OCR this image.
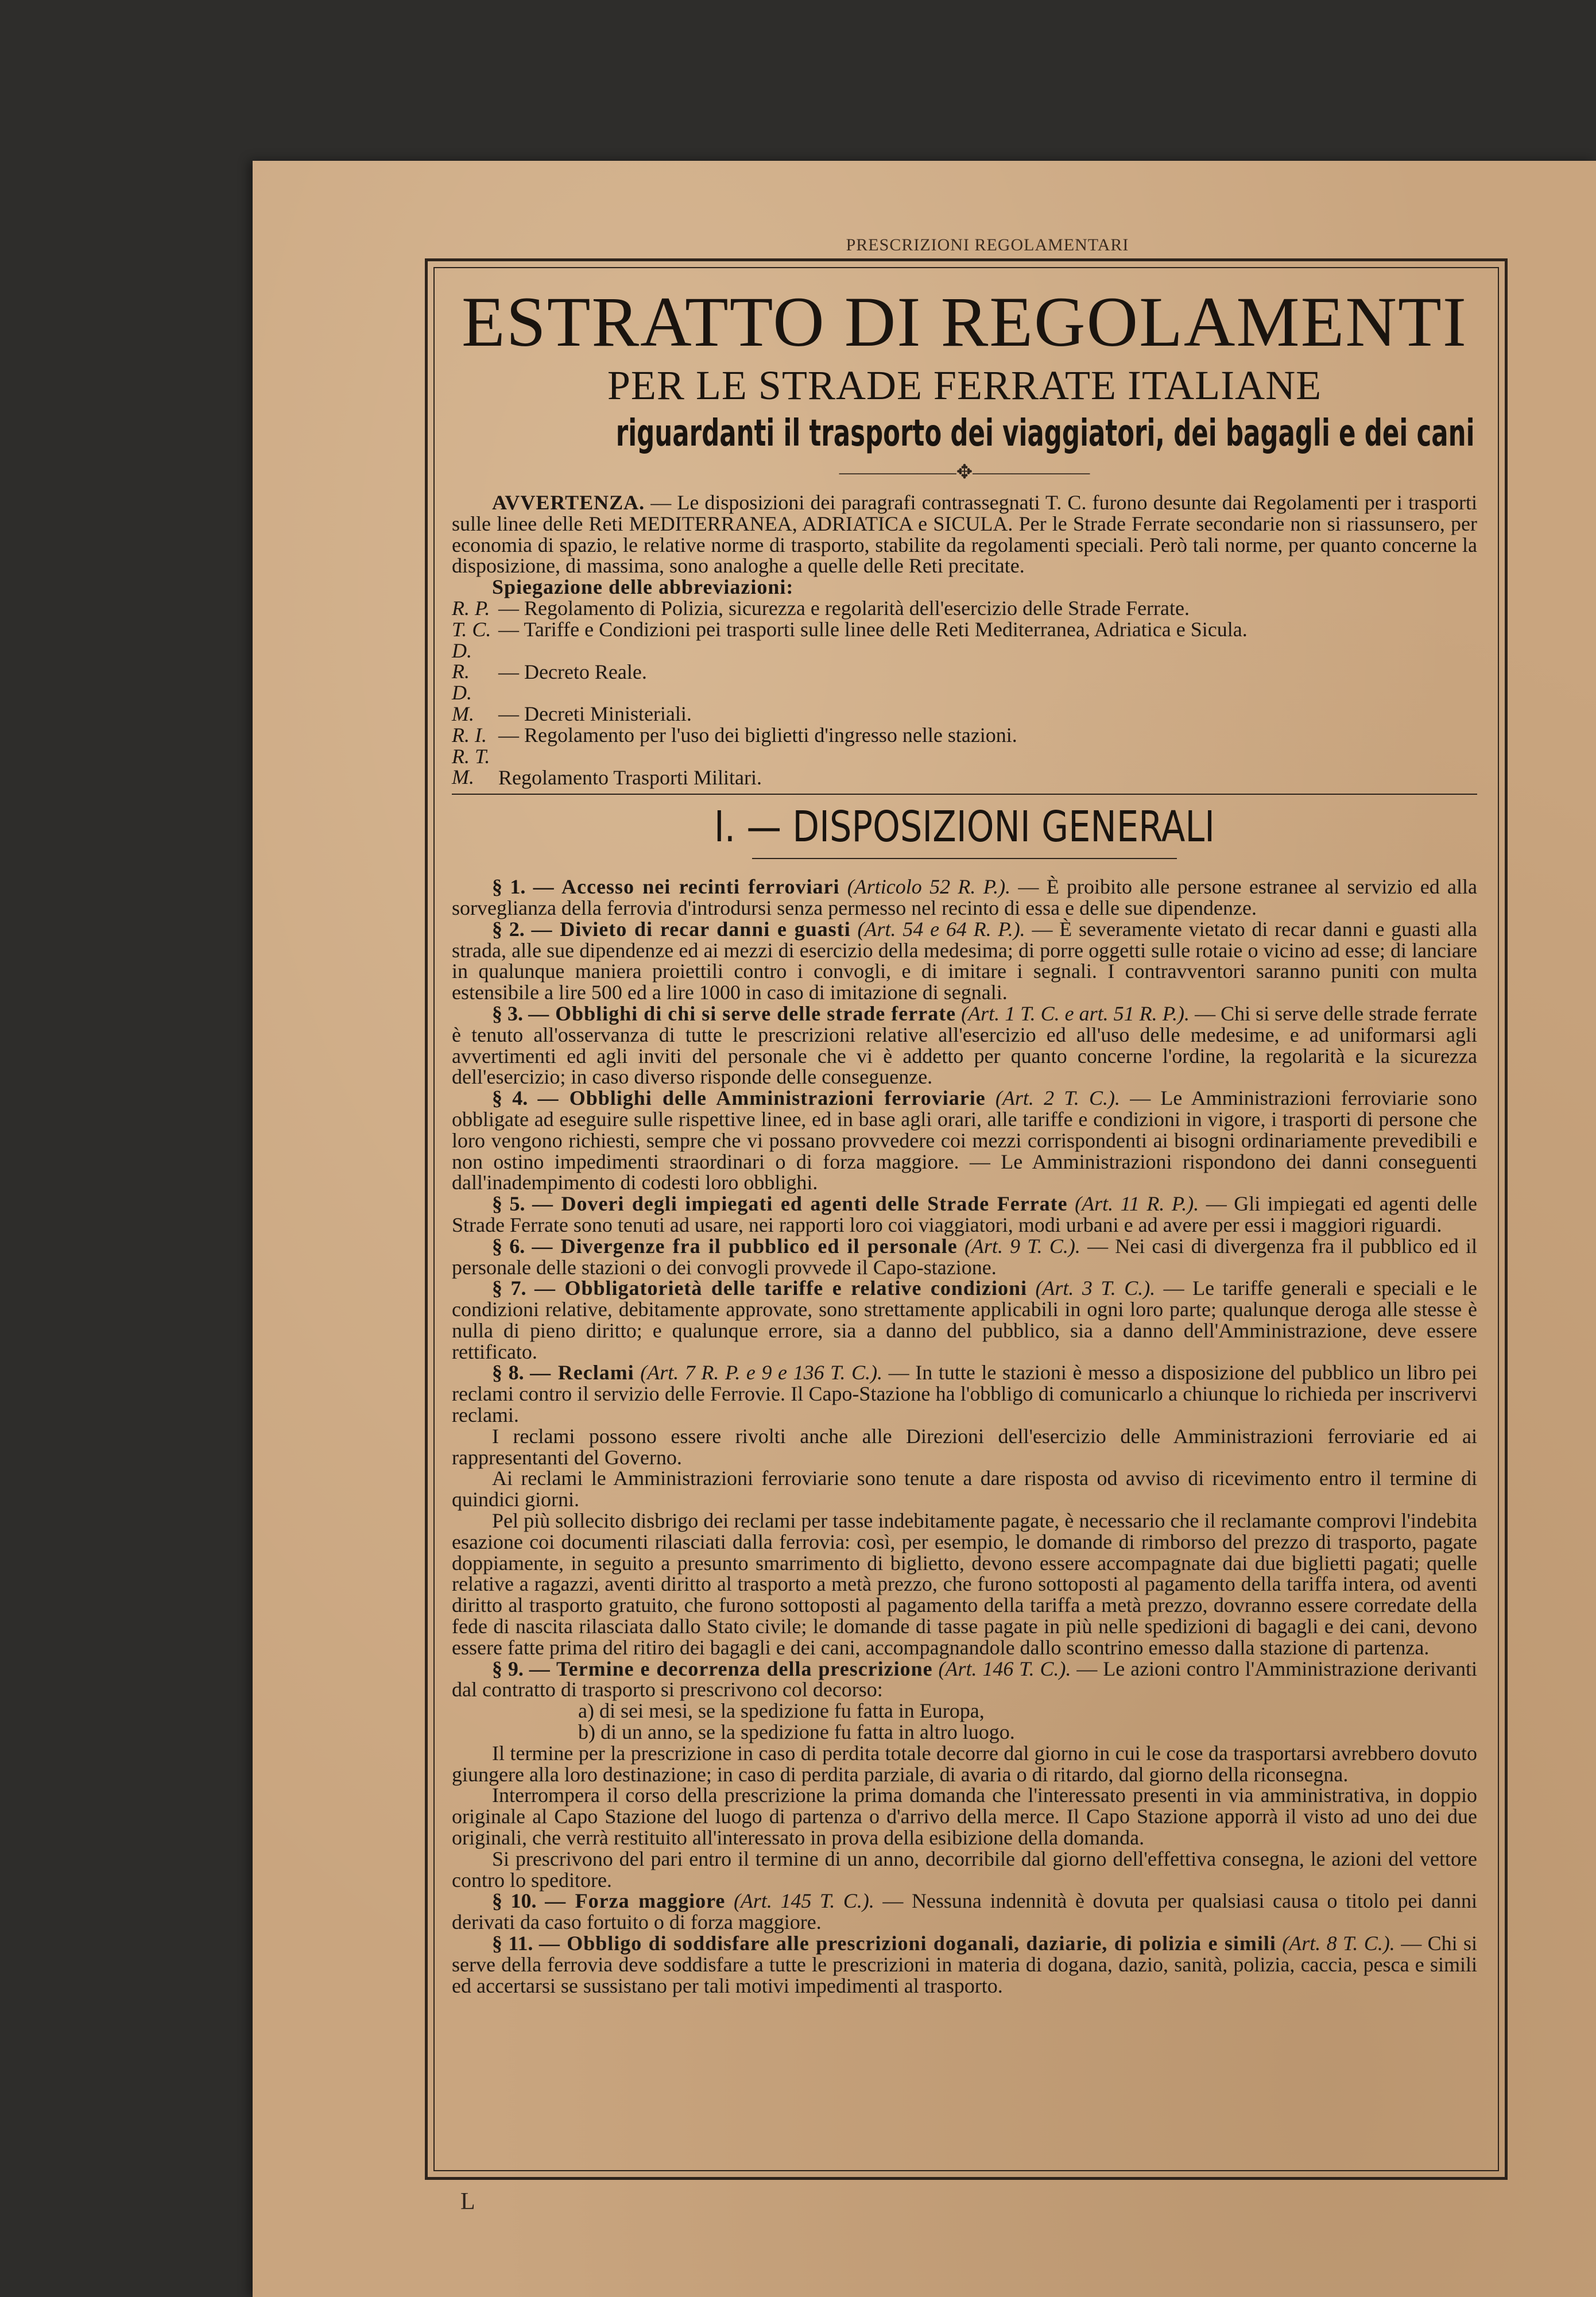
PRESCRIZIONI REGOLAMENTARI
ESTRATTO DI REGOLAMENTI
PER LE STRADE FERRATE ITALIANE
riguardanti il trasporto dei viaggiatori, dei bagagli e dei cani
——————✥——————

AVVERTENZA. — Le disposizioni dei paragrafi contrassegnati T. C. furono desunte dai Regolamenti per i trasporti sulle linee delle Reti MEDITERRANEA, ADRIATICA e SICULA. Per le Strade Ferrate secondarie non si riassunsero, per economia di spazio, le relative norme di trasporto, stabilite da regolamenti speciali. Però tali norme, per quanto concerne la disposizione, di massima, sono analoghe a quelle delle Reti precitate.

Spiegazione delle abbreviazioni:

R. P. — Regolamento di Polizia, sicurezza e regolarità dell'esercizio delle Strade Ferrate.

T. C. — Tariffe e Condizioni pei trasporti sulle linee delle Reti Mediterranea, Adriatica e Sicula.

D. R. — Decreto Reale.

D. M. — Decreti Ministeriali.

R. I. — Regolamento per l'uso dei biglietti d'ingresso nelle stazioni.

R. T. M. Regolamento Trasporti Militari.

I. — DISPOSIZIONI GENERALI

§ 1. — Accesso nei recinti ferroviari (Articolo 52 R. P.). — È proibito alle persone estranee al servizio ed alla sorveglianza della ferrovia d'introdursi senza permesso nel recinto di essa e delle sue dipendenze.

§ 2. — Divieto di recar danni e guasti (Art. 54 e 64 R. P.). — È severamente vietato di recar danni e guasti alla strada, alle sue dipendenze ed ai mezzi di esercizio della medesima; di porre oggetti sulle rotaie o vicino ad esse; di lanciare in qualunque maniera proiettili contro i convogli, e di imitare i segnali. I contravventori saranno puniti con multa estensibile a lire 500 ed a lire 1000 in caso di imitazione di segnali.

§ 3. — Obblighi di chi si serve delle strade ferrate (Art. 1 T. C. e art. 51 R. P.). — Chi si serve delle strade ferrate è tenuto all'osservanza di tutte le prescrizioni relative all'esercizio ed all'uso delle medesime, e ad uniformarsi agli avvertimenti ed agli inviti del personale che vi è addetto per quanto concerne l'ordine, la regolarità e la sicurezza dell'esercizio; in caso diverso risponde delle conseguenze.

§ 4. — Obblighi delle Amministrazioni ferroviarie (Art. 2 T. C.). — Le Amministrazioni ferroviarie sono obbligate ad eseguire sulle rispettive linee, ed in base agli orari, alle tariffe e condizioni in vigore, i trasporti di persone che loro vengono richiesti, sempre che vi possano provvedere coi mezzi corrispondenti ai bisogni ordinariamente prevedibili e non ostino impedimenti straordinari o di forza maggiore. — Le Amministrazioni rispondono dei danni conseguenti dall'inadempimento di codesti loro obblighi.

§ 5. — Doveri degli impiegati ed agenti delle Strade Ferrate (Art. 11 R. P.). — Gli impiegati ed agenti delle Strade Ferrate sono tenuti ad usare, nei rapporti loro coi viaggiatori, modi urbani e ad avere per essi i maggiori riguardi.

§ 6. — Divergenze fra il pubblico ed il personale (Art. 9 T. C.). — Nei casi di divergenza fra il pubblico ed il personale delle stazioni o dei convogli provvede il Capo-stazione.

§ 7. — Obbligatorietà delle tariffe e relative condizioni (Art. 3 T. C.). — Le tariffe generali e speciali e le condizioni relative, debitamente approvate, sono strettamente applicabili in ogni loro parte; qualunque deroga alle stesse è nulla di pieno diritto; e qualunque errore, sia a danno del pubblico, sia a danno dell'Amministrazione, deve essere rettificato.

§ 8. — Reclami (Art. 7 R. P. e 9 e 136 T. C.). — In tutte le stazioni è messo a disposizione del pubblico un libro pei reclami contro il servizio delle Ferrovie. Il Capo-Stazione ha l'obbligo di comunicarlo a chiunque lo richieda per inscrivervi reclami.

I reclami possono essere rivolti anche alle Direzioni dell'esercizio delle Amministrazioni ferroviarie ed ai rappresentanti del Governo.

Ai reclami le Amministrazioni ferroviarie sono tenute a dare risposta od avviso di ricevimento entro il termine di quindici giorni.

Pel più sollecito disbrigo dei reclami per tasse indebitamente pagate, è necessario che il reclamante comprovi l'indebita esazione coi documenti rilasciati dalla ferrovia: così, per esempio, le domande di rimborso del prezzo di trasporto, pagate doppiamente, in seguito a presunto smarrimento di biglietto, devono essere accompagnate dai due biglietti pagati; quelle relative a ragazzi, aventi diritto al trasporto a metà prezzo, che furono sottoposti al pagamento della tariffa intera, od aventi diritto al trasporto gratuito, che furono sottoposti al pagamento della tariffa a metà prezzo, dovranno essere corredate della fede di nascita rilasciata dallo Stato civile; le domande di tasse pagate in più nelle spedizioni di bagagli e dei cani, devono essere fatte prima del ritiro dei bagagli e dei cani, accompagnandole dallo scontrino emesso dalla stazione di partenza.

§ 9. — Termine e decorrenza della prescrizione (Art. 146 T. C.). — Le azioni contro l'Amministrazione derivanti dal contratto di trasporto si prescrivono col decorso:

a) di sei mesi, se la spedizione fu fatta in Europa,

b) di un anno, se la spedizione fu fatta in altro luogo.

Il termine per la prescrizione in caso di perdita totale decorre dal giorno in cui le cose da trasportarsi avrebbero dovuto giungere alla loro destinazione; in caso di perdita parziale, di avaria o di ritardo, dal giorno della riconsegna.

Interrompera il corso della prescrizione la prima domanda che l'interessato presenti in via amministrativa, in doppio originale al Capo Stazione del luogo di partenza o d'arrivo della merce. Il Capo Stazione apporrà il visto ad uno dei due originali, che verrà restituito all'interessato in prova della esibizione della domanda.

Si prescrivono del pari entro il termine di un anno, decorribile dal giorno dell'effettiva consegna, le azioni del vettore contro lo speditore.

§ 10. — Forza maggiore (Art. 145 T. C.). — Nessuna indennità è dovuta per qualsiasi causa o titolo pei danni derivati da caso fortuito o di forza maggiore.

§ 11. — Obbligo di soddisfare alle prescrizioni doganali, daziarie, di polizia e simili (Art. 8 T. C.). — Chi si serve della ferrovia deve soddisfare a tutte le prescrizioni in materia di dogana, dazio, sanità, polizia, caccia, pesca e simili ed accertarsi se sussistano per tali motivi impedimenti al trasporto.

L
